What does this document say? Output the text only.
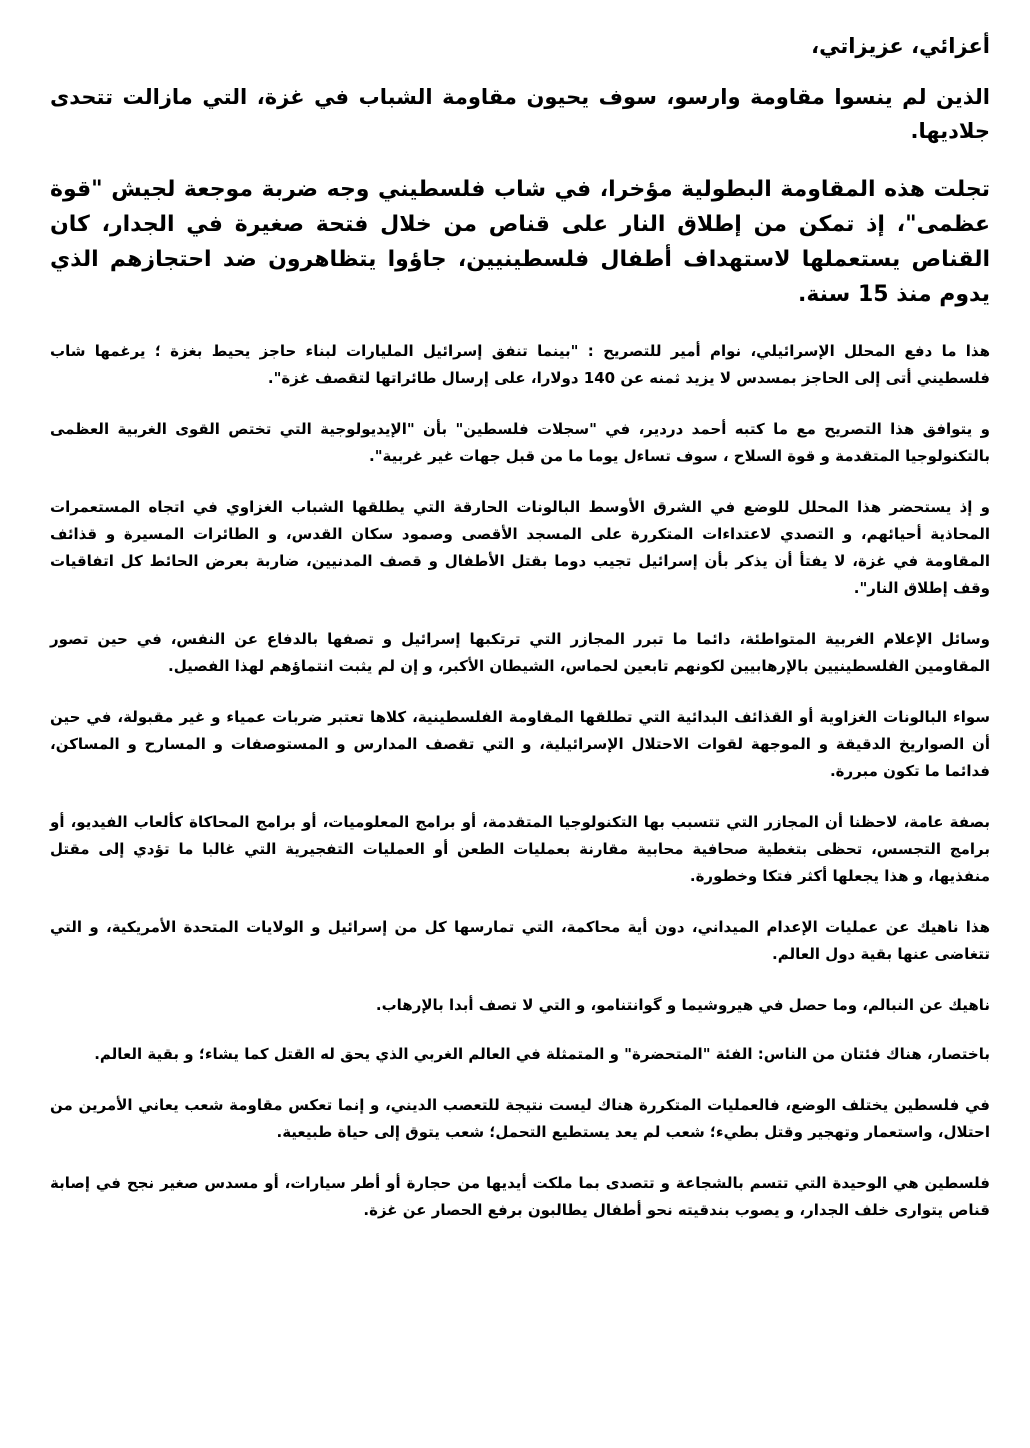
أعزائي، عزيزاتي،

الذين لم ينسوا مقاومة وارسو، سوف يحيون مقاومة الشباب في غزة، التي مازالت تتحدى جلاديها.

تجلت هذه المقاومة البطولية مؤخرا، في شاب فلسطيني وجه ضربة موجعة لجيش "قوة عظمى"، إذ تمكن من إطلاق النار على قناص من خلال فتحة صغيرة في الجدار، كان القناص يستعملها لاستهداف أطفال فلسطينيين، جاؤوا يتظاهرون ضد احتجازهم الذي يدوم منذ 15 سنة.

هذا ما دفع المحلل الإسرائيلي، نوام أمير للتصريح : "بينما تنفق إسرائيل المليارات لبناء حاجز يحيط بغزة ؛ يرغمها شاب فلسطيني أتى إلى الحاجز بمسدس لا يزيد ثمنه عن 140 دولارا، على إرسال طائراتها لتقصف غزة".

و يتوافق هذا التصريح مع ما كتبه أحمد دردير، في "سجلات فلسطين" بأن "الإيديولوجية التي تختص القوى الغربية العظمى بالتكنولوجيا المتقدمة و قوة السلاح ، سوف تساءل يوما ما من قبل جهات غير غربية".

و إذ يستحضر هذا المحلل للوضع في الشرق الأوسط البالونات الحارقة التي يطلقها الشباب الغزاوي في اتجاه المستعمرات المحاذية أحيائهم، و التصدي لاعتداءات المتكررة على المسجد الأقصى وصمود سكان القدس، و الطائرات المسيرة و قذائف المقاومة في غزة، لا يفتأ أن يذكر بأن إسرائيل تجيب دوما بقتل الأطفال و قصف المدنيين، ضاربة بعرض الحائط كل اتفاقيات وقف إطلاق النار".

وسائل الإعلام الغربية المتواطئة، دائما ما تبرر المجازر التي ترتكبها إسرائيل و تصفها بالدفاع عن النفس، في حين تصور المقاومين الفلسطينيين بالإرهابيين لكونهم تابعين لحماس، الشيطان الأكبر، و إن لم يثبت انتماؤهم لهذا الفصيل.

سواء البالونات الغزاوية أو القذائف البدائية التي تطلقها المقاومة الفلسطينية، كلاها تعتبر ضربات عمياء و غير مقبولة، في حين أن الصواريخ الدقيقة و الموجهة لقوات الاحتلال الإسرائيلية، و التي تقصف المدارس و المستوصفات و المسارح و المساكن، فدائما ما تكون مبررة.

بصفة عامة، لاحظنا أن المجازر التي تتسبب بها التكنولوجيا المتقدمة، أو برامج المعلوميات، أو برامج المحاكاة كألعاب الفيديو، أو برامج التجسس، تحظى بتغطية صحافية محابية مقارنة بعمليات الطعن أو العمليات التفجيرية التي غالبا ما تؤدي إلى مقتل منفذيها، و هذا يجعلها أكثر فتكا وخطورة.

هذا ناهيك عن عمليات الإعدام الميداني، دون أية محاكمة، التي تمارسها كل من إسرائيل و الولايات المتحدة الأمريكية، و التي تتغاضى عنها بقية دول العالم.

ناهيك عن النبالم، وما حصل في هيروشيما و گوانتنامو، و التي لا تصف أبدا بالإرهاب.

باختصار، هناك فئتان من الناس: الفئة "المتحضرة" و المتمثلة في العالم الغربي الذي يحق له القتل كما يشاء؛ و بقية العالم.

في فلسطين يختلف الوضع، فالعمليات المتكررة هناك ليست نتيجة للتعصب الديني، و إنما تعكس مقاومة شعب يعاني الأمرين من احتلال، واستعمار وتهجير وقتل بطيء؛ شعب لم يعد يستطيع التحمل؛ شعب يتوق إلى حياة طبيعية.

فلسطين هي الوحيدة التي تتسم بالشجاعة و تتصدى بما ملكت أيديها من حجارة أو أطر سيارات، أو مسدس صغير نجح في إصابة قناص يتوارى خلف الجدار، و يصوب بندقيته نحو أطفال يطالبون برفع الحصار عن غزة.
